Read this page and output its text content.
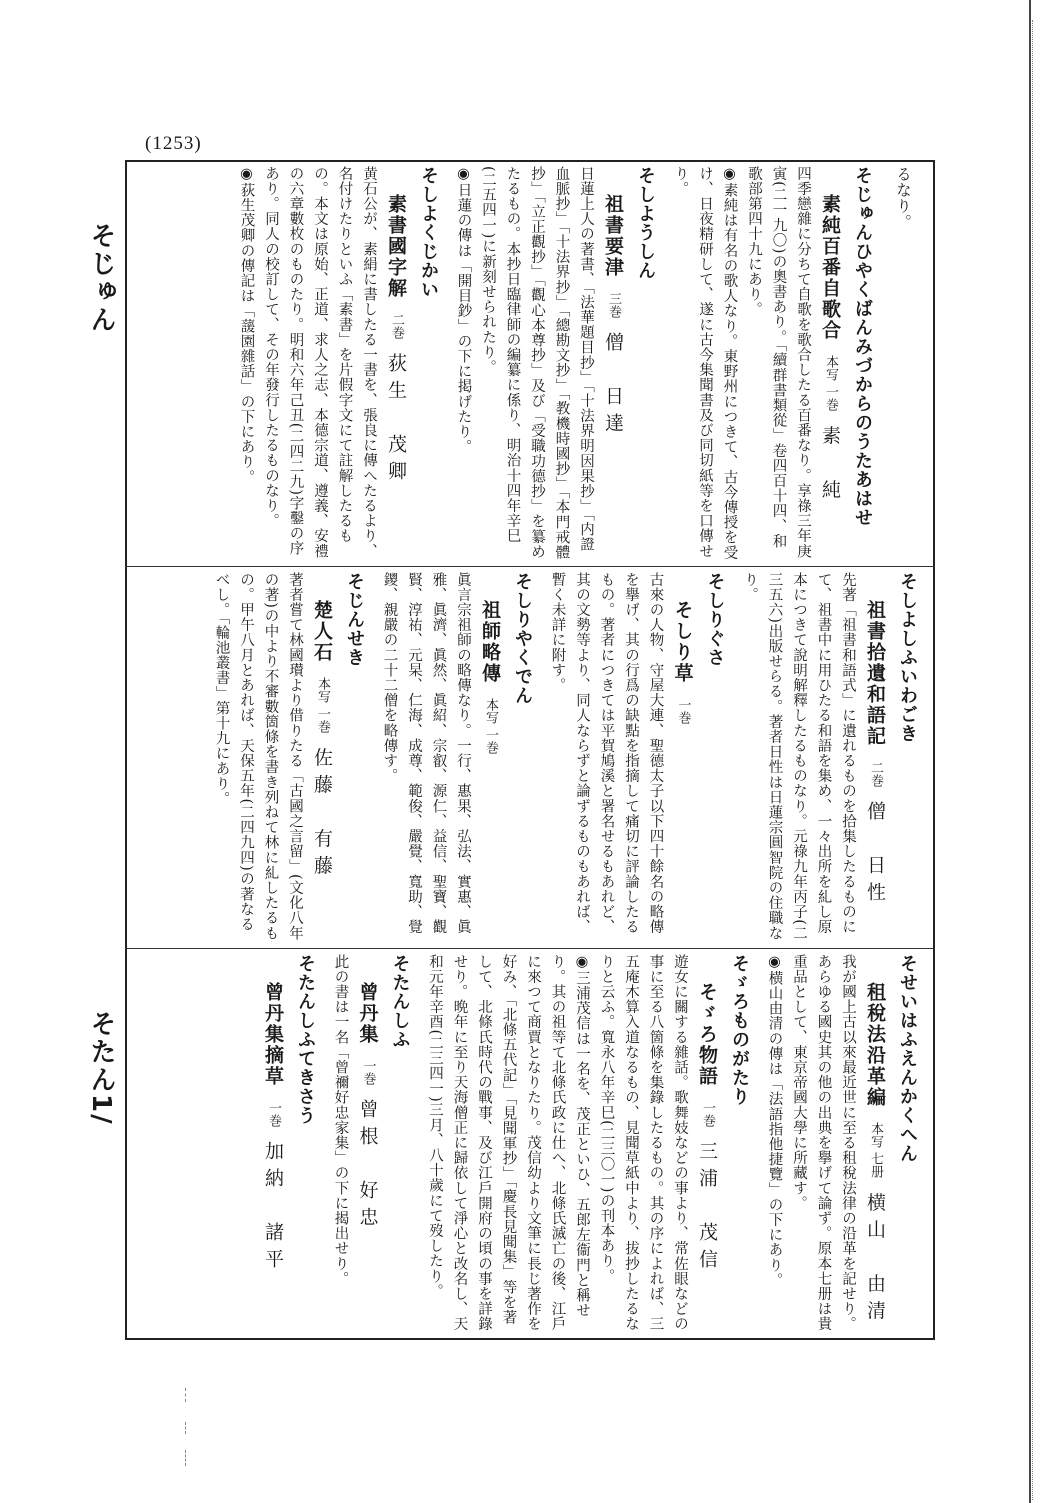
(1253)
そじゅん
そたん1/
るなり。
そじゅんひやくばんみづからのうたあはせ
素純百番自歌合本写 一巻素　純

四季戀雜に分ちて自歌を歌合したる百番なり。享祿三年庚寅(二一九〇)の奧書あり。「續群書類從」卷四百十四、和歌部第四十九にあり。

◉素純は有名の歌人なり。東野州につきて、古今傳授を受け、日夜精研して、遂に古今集聞書及び同切紙等を口傳せり。

そしようしん
祖書要津三巻僧　日達

日蓮上人の著書、「法華題目抄」「十法界明因果抄」「内證血脈抄」「十法界抄」「總勘文抄」「教機時國抄」「本門戒體抄」「立正觀抄」「觀心本尊抄」及び「受職功德抄」を纂めたるもの。本抄日臨律師の編纂に係り、明治十四年辛巳(二五四一)に新刻せられたり。

◉日蓮の傳は「開目鈔」の下に掲げたり。

そしよくじかい
素書國字解二巻荻生　茂卿

黄石公が、素絹に書したる一書を、張良に傳へたるより、名付けたりといふ「素書」を片假字文にて註解したるもの。本文は原始、正道、求人之志、本德宗道、遵義、安禮の六章數枚のものたり。明和六年己丑(二四二九)字鑿の序あり。同人の校訂して、その年發行したるものなり。

◉荻生茂卿の傳記は「蘐園雜話」の下にあり。

そしよしふいわごき
祖書拾遺和語記二巻僧　日性

先著「祖書和語式」に遺れるものを拾集したるものにて、祖書中に用ひたる和語を集め、一々出所を糺し原本につきて說明解釋したるものなり。元祿九年丙子(二三五六)出版せらる。著者日性は日蓮宗圓智院の住職なり。

そしりぐさ
そしり草一巻

古來の人物、守屋大連、聖德太子以下四十餘名の略傳を擧げ、其の行爲の缺點を指摘して痛切に評論したるもの。著者につきては平賀鳩溪と署名せるもあれど、其の文勢等より、同人ならずと論ずるものもあれば、暫く未詳に附す。

そしりやくでん
祖師略傳本写 一巻

眞言宗祖師の略傳なり。一行、惠果、弘法、實惠、眞雅、眞濟、眞然、眞紹、宗叡、源仁、益信、聖寶、觀賢、淳祐、元杲、仁海、成尊、範俊、嚴覺、寬助、覺鑁、親嚴の二十二僧を略傳す。

そじんせき
楚人石本写 一巻佐藤　有藤

著者嘗て林國瓉より借りたる「古國之言留」(文化八年の著)の中より不審數箇條を書き列ねて林に糺したるもの。甲午八月とあれば、天保五年(二四九四)の著なるべし。「輪池叢書」第十九にあり。

そせいはふえんかくへん
租稅法沿革編本写 七册横山　由清

我が國上古以來最近世に至る租稅法律の沿革を記せり。あらゆる國史其の他の出典を擧げて論ず。原本七册は貴重品として、東京帝國大學に所藏す。

◉横山由清の傳は「法語指他捷覽」の下にあり。

そゞろものがたり
そゞろ物語一巻三浦　茂信

遊女に關する雜話。歌舞妓などの事より、常佐眼などの事に至る八箇條を集錄したるもの。其の序によれば、三五庵木算入道なるもの、見聞草紙中より、拔抄したるなりと云ふ。寬永八年辛巳(二三〇一)の刊本あり。

◉三浦茂信は一名を、茂正といひ、五郎左衞門と稱せり。其の祖等て北條氏政に仕へ、北條氏滅亡の後、江戶に來つて商賈となりたり。茂信幼より文筆に長じ著作を好み、「北條五代記」「見聞軍抄」「慶長見聞集」等を著して、北條氏時代の戰事、及び江戶開府の頃の事を詳錄せり。晩年に至り天海僧正に歸依して淨心と改名し、天和元年辛酉(二三四一)三月、八十歲にて歿したり。

そたんしふ
曾丹集一巻曾根　好忠

此の書は一名「曾禰好忠家集」の下に揭出せり。

そたんしふてきさう
曾丹集摘草一巻加納　諸平
